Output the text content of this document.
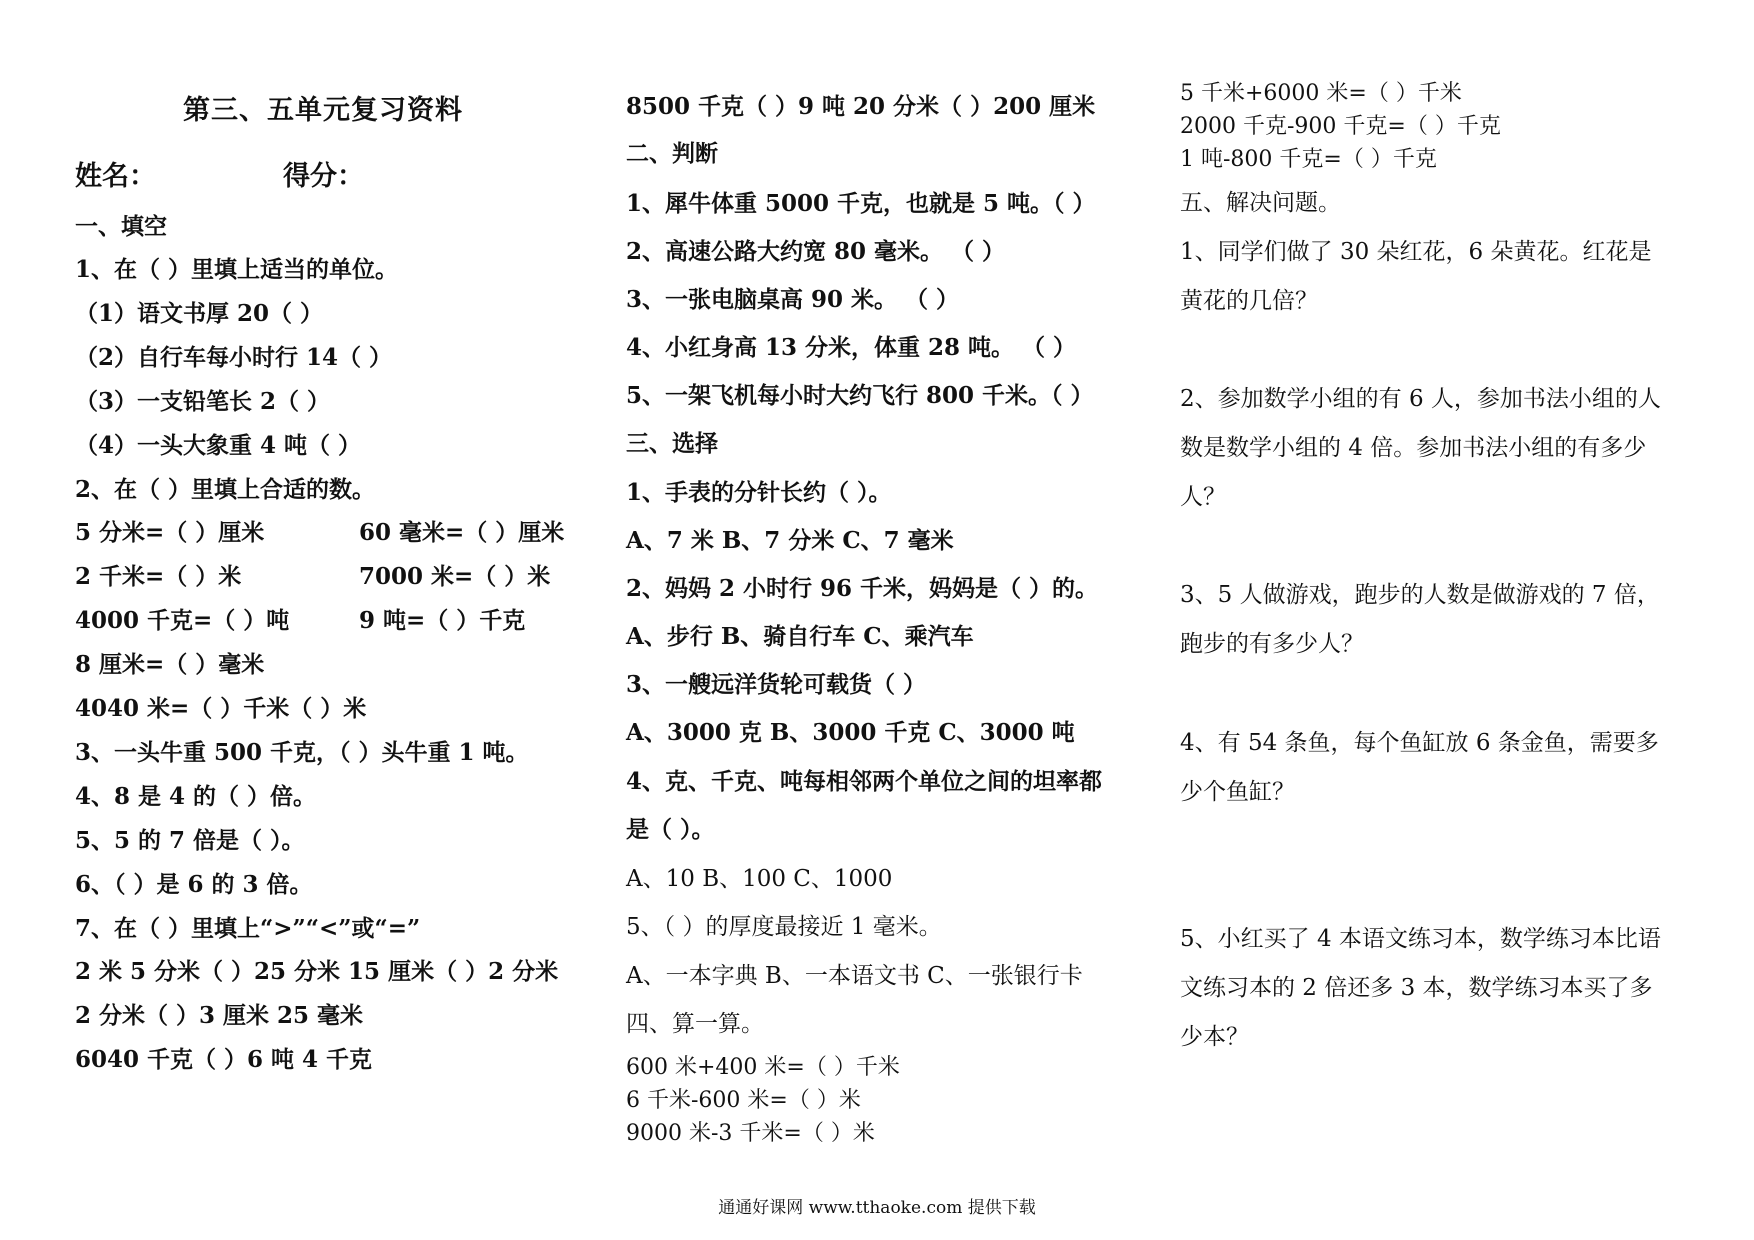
第三、五单元复习资料
姓名：	得分：
一、填空
1、在（ ）里填上适当的单位。
（1）语文书厚 20（ ）
（2）自行车每小时行 14（ ）
（3）一支铅笔长 2（ ）
（4）一头大象重 4 吨（ ）
2、在（ ）里填上合适的数。
5 分米=（ ）厘米	60 毫米=（ ）厘米
2 千米=（ ）米	7000 米=（ ）米
4000 千克=（ ）吨	9 吨=（ ）千克
8 厘米=（ ）毫米
4040 米=（ ）千米（ ）米
3、一头牛重 500 千克，（ ）头牛重 1 吨。
4、8 是 4 的（ ）倍。
5、5 的 7 倍是（ ）。
6、（ ）是 6 的 3 倍。
7、在（ ）里填上“>”“<”或“=”
2 米 5 分米（ ）25 分米 15 厘米（ ）2 分米
2 分米（ ）3 厘米 25 毫米
6040 千克（ ）6 吨 4 千克
8500 千克（ ）9 吨 20 分米（ ）200 厘米
二、判断
1、犀牛体重 5000 千克，也就是 5 吨。（ ）
2、高速公路大约宽 80 毫米。 （ ）
3、一张电脑桌高 90 米。 （ ）
4、小红身高 13 分米，体重 28 吨。 （ ）
5、一架飞机每小时大约飞行 800 千米。（ ）
三、选择
1、手表的分针长约（ ）。
A、7 米 B、7 分米 C、7 毫米
2、妈妈 2 小时行 96 千米，妈妈是（ ）的。
A、步行 B、骑自行车 C、乘汽车
3、一艘远洋货轮可载货（ ）
A、3000 克 B、3000 千克 C、3000 吨
4、克、千克、吨每相邻两个单位之间的坦率都
是（ ）。
A、10 B、100 C、1000
5、（ ）的厚度最接近 1 毫米。
A、一本字典 B、一本语文书 C、一张银行卡
四、算一算。
600 米+400 米=（ ）千米
6 千米-600 米=（ ）米
9000 米-3 千米=（ ）米
5 千米+6000 米=（ ）千米
2000 千克-900 千克=（ ）千克
1 吨-800 千克=（ ）千克
五、解决问题。
1、同学们做了 30 朵红花，6 朵黄花。红花是
黄花的几倍？
2、参加数学小组的有 6 人，参加书法小组的人
数是数学小组的 4 倍。参加书法小组的有多少
人？
3、5 人做游戏，跑步的人数是做游戏的 7 倍，
跑步的有多少人？
4、有 54 条鱼，每个鱼缸放 6 条金鱼，需要多
少个鱼缸？
5、小红买了 4 本语文练习本，数学练习本比语
文练习本的 2 倍还多 3 本，数学练习本买了多
少本？
通通好课网 www.tthaoke.com 提供下载
